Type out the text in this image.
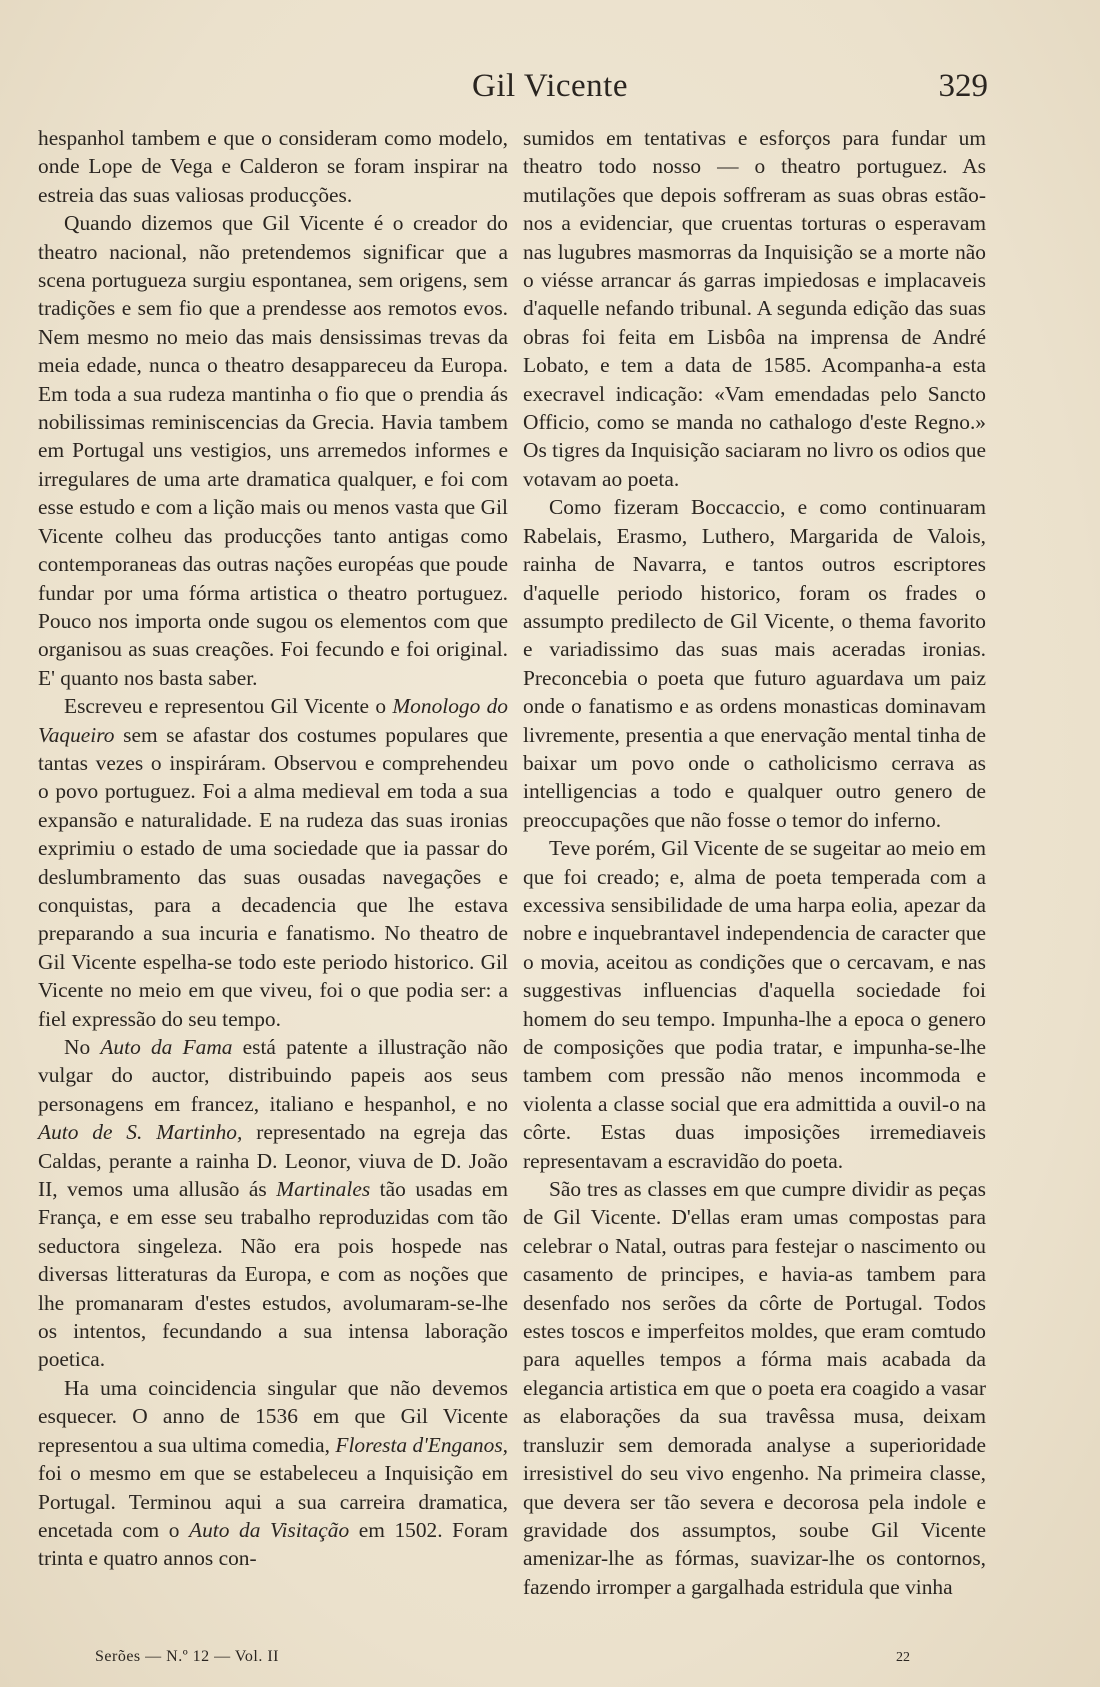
Gil Vicente	329

hespanhol tambem e que o consideram como modelo, onde Lope de Vega e Calderon se foram inspirar na estreia das suas valiosas producções.

Quando dizemos que Gil Vicente é o creador do theatro nacional, não pretendemos significar que a scena portugueza surgiu espontanea, sem origens, sem tradições e sem fio que a prendesse aos remotos evos. Nem mesmo no meio das mais densissimas trevas da meia edade, nunca o theatro desappareceu da Europa. Em toda a sua rudeza mantinha o fio que o prendia ás nobilissimas reminiscencias da Grecia. Havia tambem em Portugal uns vestigios, uns arremedos informes e irregulares de uma arte dramatica qualquer, e foi com esse estudo e com a lição mais ou menos vasta que Gil Vicente colheu das producções tanto antigas como contemporaneas das outras nações européas que poude fundar por uma fórma artistica o theatro portuguez. Pouco nos importa onde sugou os elementos com que organisou as suas creações. Foi fecundo e foi original. E' quanto nos basta saber.

Escreveu e representou Gil Vicente o Monologo do Vaqueiro sem se afastar dos costumes populares que tantas vezes o inspiráram. Observou e comprehendeu o povo portuguez. Foi a alma medieval em toda a sua expansão e naturalidade. E na rudeza das suas ironias exprimiu o estado de uma sociedade que ia passar do deslumbramento das suas ousadas navegações e conquistas, para a decadencia que lhe estava preparando a sua incuria e fanatismo. No theatro de Gil Vicente espelha-se todo este periodo historico. Gil Vicente no meio em que viveu, foi o que podia ser: a fiel expressão do seu tempo.

No Auto da Fama está patente a illustração não vulgar do auctor, distribuindo papeis aos seus personagens em francez, italiano e hespanhol, e no Auto de S. Martinho, representado na egreja das Caldas, perante a rainha D. Leonor, viuva de D. João II, vemos uma allusão ás Martinales tão usadas em França, e em esse seu trabalho reproduzidas com tão seductora singeleza. Não era pois hospede nas diversas litteraturas da Europa, e com as noções que lhe promanaram d'estes estudos, avolumaram-se-lhe os intentos, fecundando a sua intensa laboração poetica.

Ha uma coincidencia singular que não devemos esquecer. O anno de 1536 em que Gil Vicente representou a sua ultima comedia, Floresta d'Enganos, foi o mesmo em que se estabeleceu a Inquisição em Portugal. Terminou aqui a sua carreira dramatica, encetada com o Auto da Visitação em 1502. Foram trinta e quatro annos con-

sumidos em tentativas e esforços para fundar um theatro todo nosso — o theatro portuguez. As mutilações que depois soffreram as suas obras estão-nos a evidenciar, que cruentas torturas o esperavam nas lugubres masmorras da Inquisição se a morte não o viésse arrancar ás garras impiedosas e implacaveis d'aquelle nefando tribunal. A segunda edição das suas obras foi feita em Lisbôa na imprensa de André Lobato, e tem a data de 1585. Acompanha-a esta execravel indicação: «Vam emendadas pelo Sancto Officio, como se manda no cathalogo d'este Regno.» Os tigres da Inquisição saciaram no livro os odios que votavam ao poeta.

Como fizeram Boccaccio, e como continuaram Rabelais, Erasmo, Luthero, Margarida de Valois, rainha de Navarra, e tantos outros escriptores d'aquelle periodo historico, foram os frades o assumpto predilecto de Gil Vicente, o thema favorito e variadissimo das suas mais aceradas ironias. Preconcebia o poeta que futuro aguardava um paiz onde o fanatismo e as ordens monasticas dominavam livremente, presentia a que enervação mental tinha de baixar um povo onde o catholicismo cerrava as intelligencias a todo e qualquer outro genero de preoccupações que não fosse o temor do inferno.

Teve porém, Gil Vicente de se sugeitar ao meio em que foi creado; e, alma de poeta temperada com a excessiva sensibilidade de uma harpa eolia, apezar da nobre e inquebrantavel independencia de caracter que o movia, aceitou as condições que o cercavam, e nas suggestivas influencias d'aquella sociedade foi homem do seu tempo. Impunha-lhe a epoca o genero de composições que podia tratar, e impunha-se-lhe tambem com pressão não menos incommoda e violenta a classe social que era admittida a ouvil-o na côrte. Estas duas imposições irremediaveis representavam a escravidão do poeta.

São tres as classes em que cumpre dividir as peças de Gil Vicente. D'ellas eram umas compostas para celebrar o Natal, outras para festejar o nascimento ou casamento de principes, e havia-as tambem para desenfado nos serões da côrte de Portugal. Todos estes toscos e imperfeitos moldes, que eram comtudo para aquelles tempos a fórma mais acabada da elegancia artistica em que o poeta era coagido a vasar as elaborações da sua travêssa musa, deixam transluzir sem demorada analyse a superioridade irresistivel do seu vivo engenho. Na primeira classe, que devera ser tão severa e decorosa pela indole e gravidade dos assumptos, soube Gil Vicente amenizar-lhe as fórmas, suavizar-lhe os contornos, fazendo irromper a gargalhada estridula que vinha

Serões — N.º 12 — Vol. II	22
